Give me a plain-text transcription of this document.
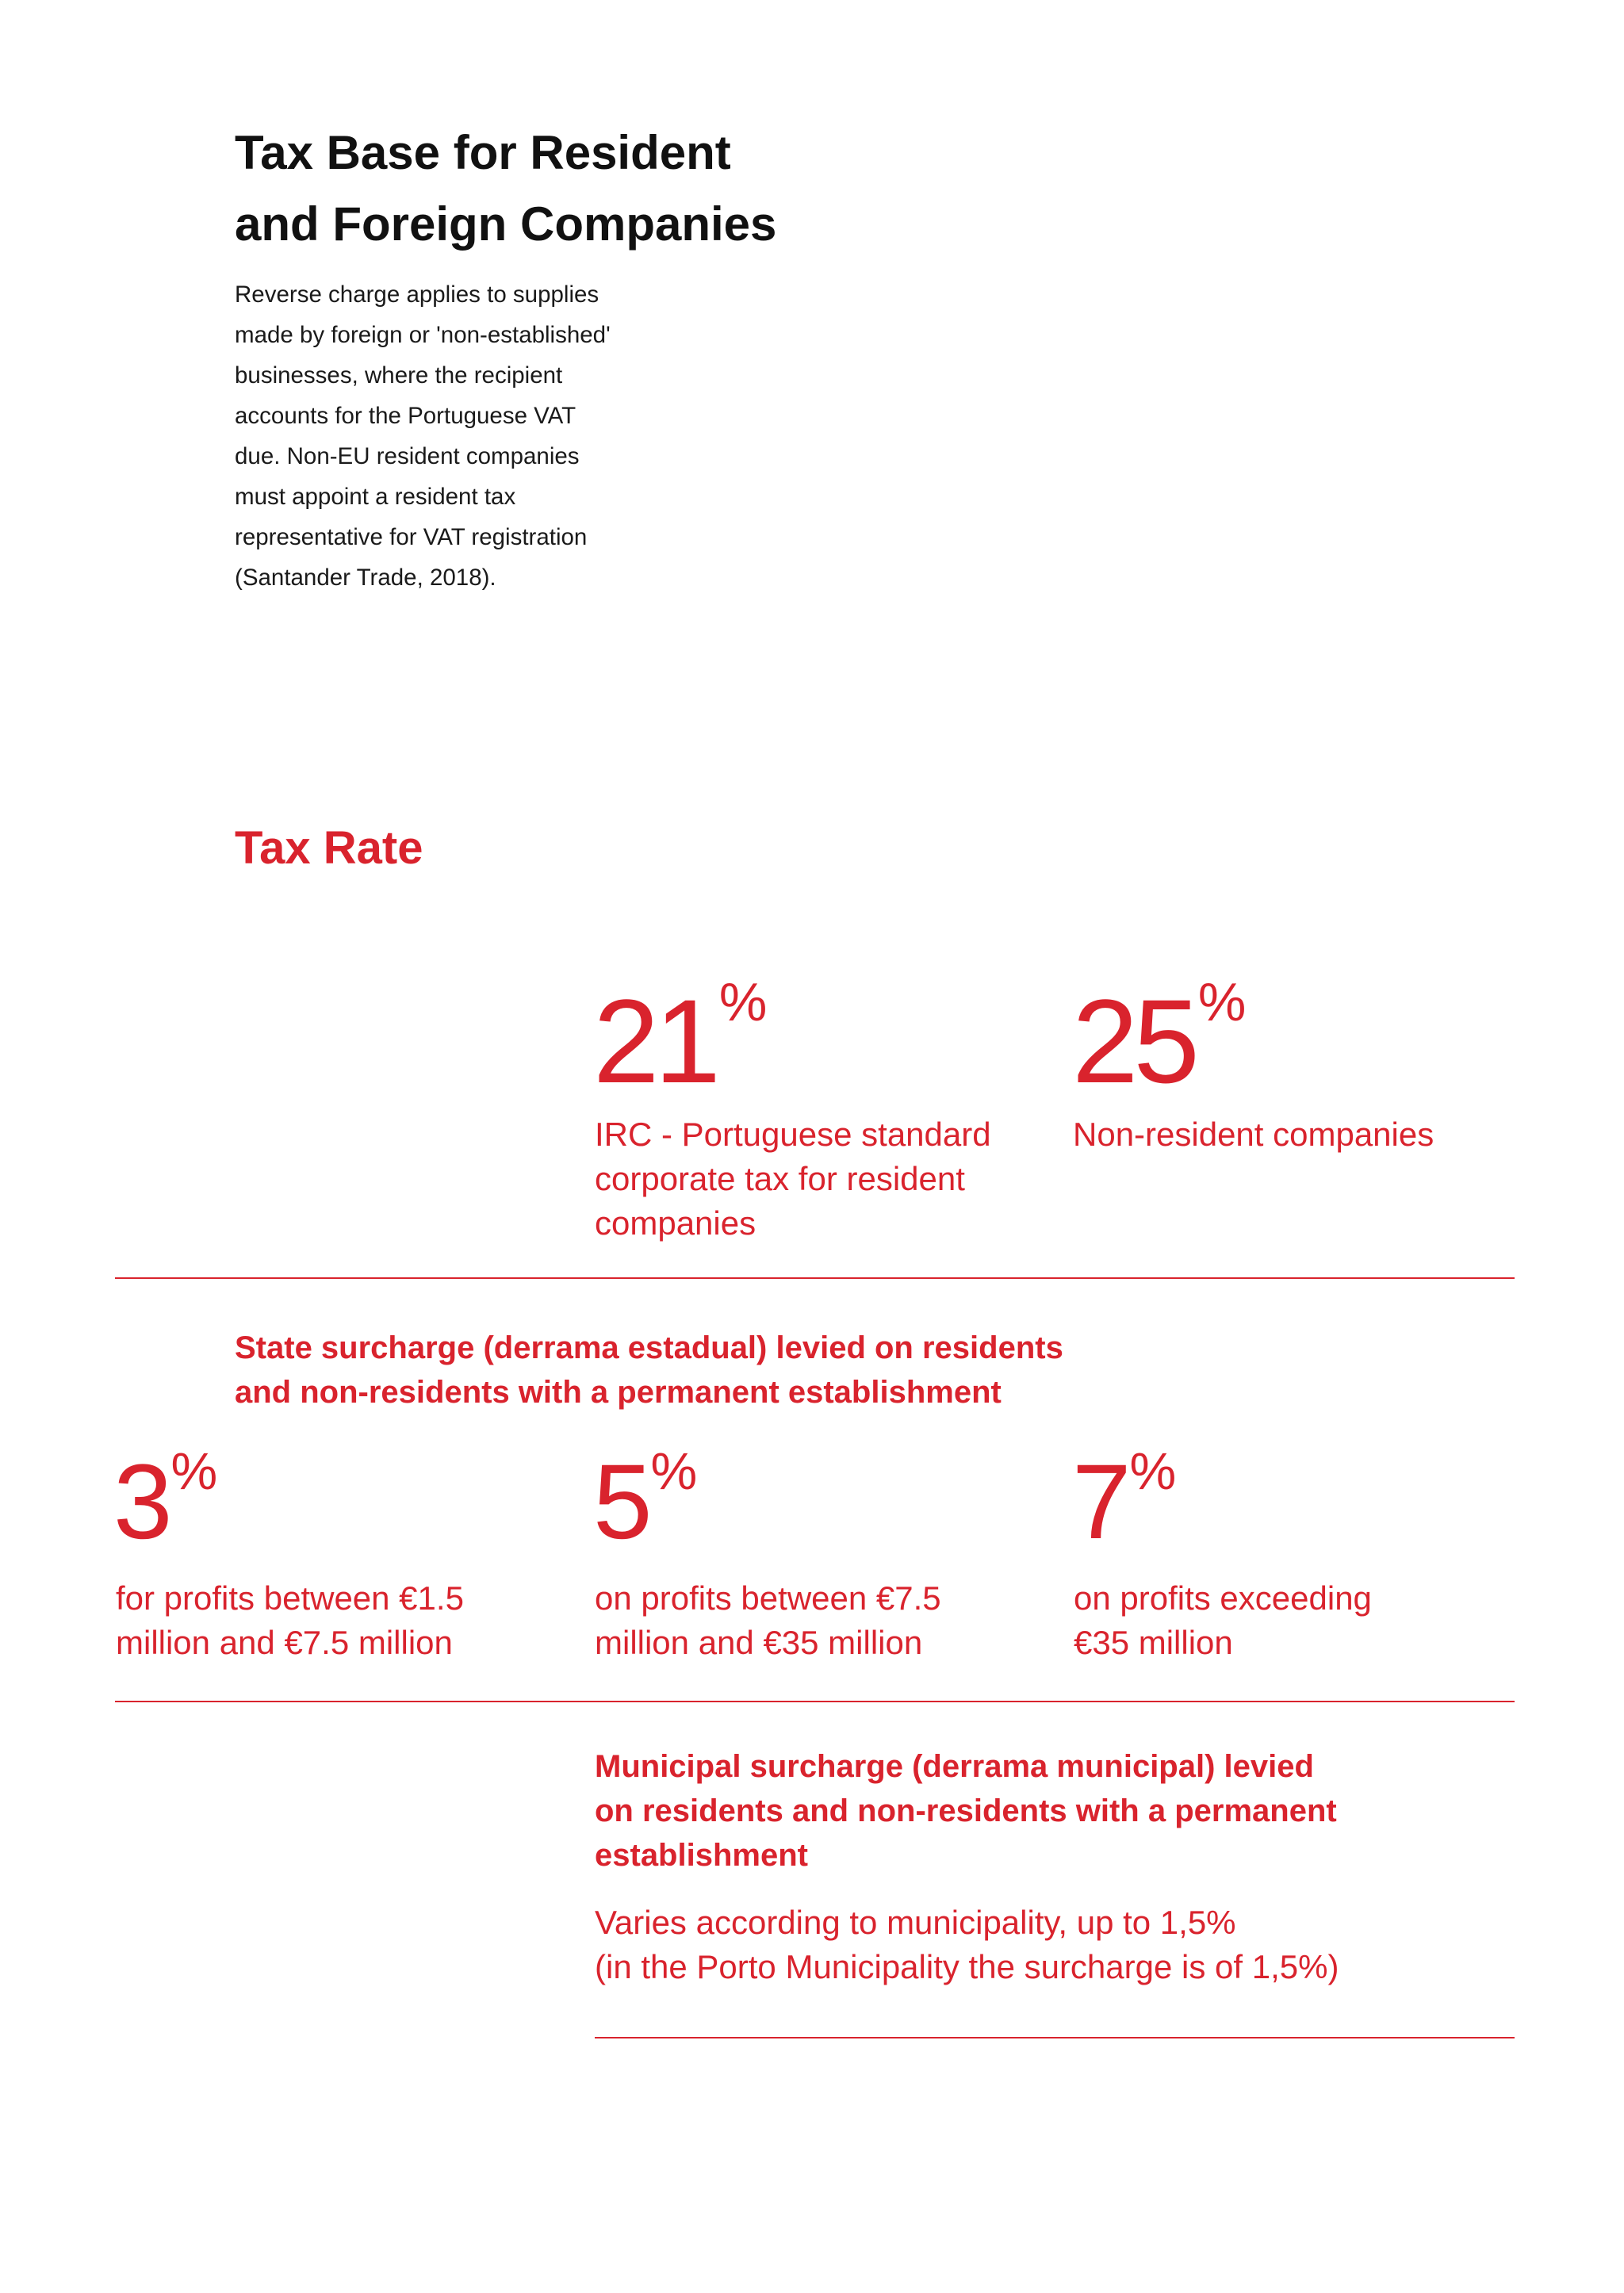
Tax Base for Resident
and Foreign Companies

Reverse charge applies to supplies
made by foreign or 'non-established'
businesses, where the recipient
accounts for the Portuguese VAT
due. Non-EU resident companies
must appoint a resident tax
representative for VAT registration
(Santander Trade, 2018).

Tax Rate
21%
IRC - Portuguese standard
corporate tax for resident
companies
25%
Non-resident companies
State surcharge (derrama estadual) levied on residents
and non-residents with a permanent establishment
3%
for profits between €1.5
million and €7.5 million
5%
on profits between €7.5
million and €35 million
7%
on profits exceeding
€35 million
Municipal surcharge (derrama municipal) levied
on residents and non-residents with a permanent
establishment
Varies according to municipality, up to 1,5%
(in the Porto Municipality the surcharge is of 1,5%)
